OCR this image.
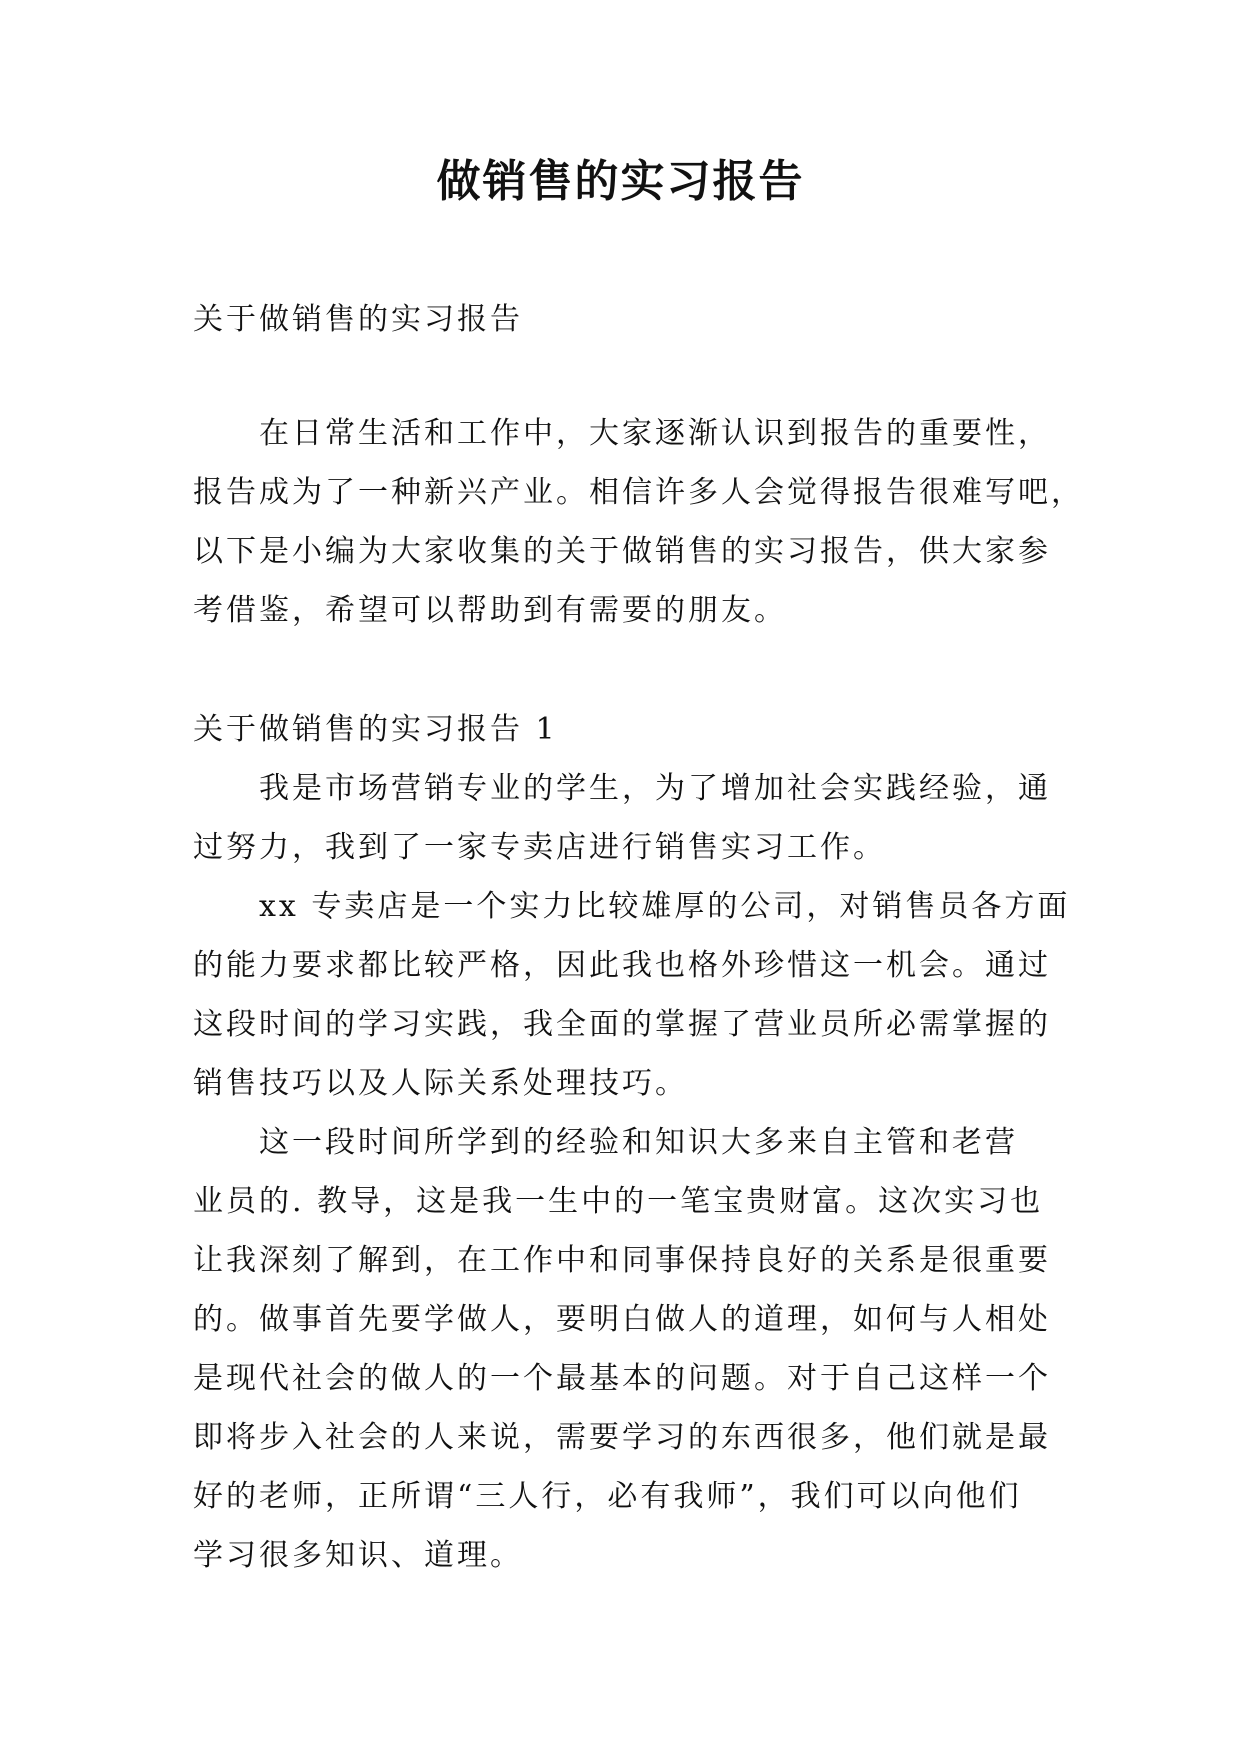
做销售的实习报告
关于做销售的实习报告
在日常生活和工作中，大家逐渐认识到报告的重要性，
报告成为了一种新兴产业。相信许多人会觉得报告很难写吧，
以下是小编为大家收集的关于做销售的实习报告，供大家参
考借鉴，希望可以帮助到有需要的朋友。
关于做销售的实习报告 1
我是市场营销专业的学生，为了增加社会实践经验，通
过努力，我到了一家专卖店进行销售实习工作。
xx 专卖店是一个实力比较雄厚的公司，对销售员各方面
的能力要求都比较严格，因此我也格外珍惜这一机会。通过
这段时间的学习实践，我全面的掌握了营业员所必需掌握的
销售技巧以及人际关系处理技巧。
这一段时间所学到的经验和知识大多来自主管和老营
业员的. 教导，这是我一生中的一笔宝贵财富。这次实习也
让我深刻了解到，在工作中和同事保持良好的关系是很重要
的。做事首先要学做人，要明白做人的道理，如何与人相处
是现代社会的做人的一个最基本的问题。对于自己这样一个
即将步入社会的人来说，需要学习的东西很多，他们就是最
好的老师，正所谓“三人行，必有我师”，我们可以向他们
学习很多知识、道理。
